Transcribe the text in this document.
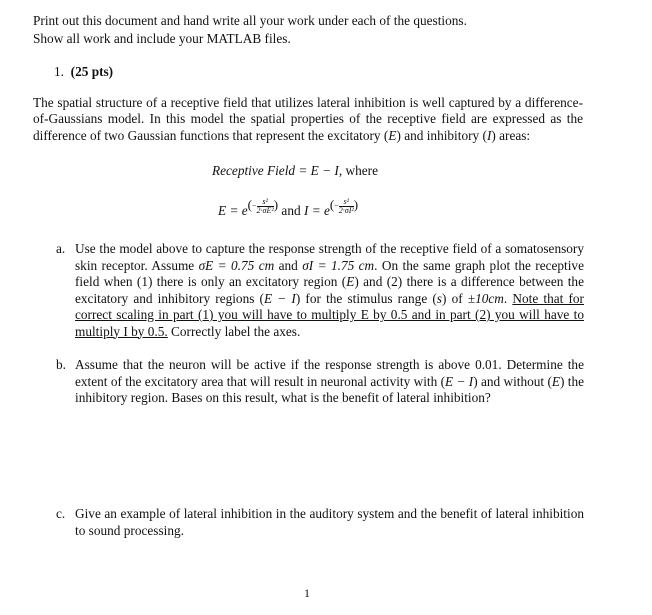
Print out this document and hand write all your work under each of the questions.
Show all work and include your MATLAB files.
1. (25 pts)
The spatial structure of a receptive field that utilizes lateral inhibition is well captured by a difference-of-Gaussians model. In this model the spatial properties of the receptive field are expressed as the difference of two Gaussian functions that represent the excitatory (E) and inhibitory (I) areas:
Receptive Field = E − I, where
$E = e(- \frac{\text{s²}}{\text{2·σE²}}$ ) and $I = e(- \frac{\text{s²}}{\text{2·σI²}}$ )
a. Use the model above to capture the response strength of the receptive field of a somatosensory skin receptor. Assume σE = 0.75 cm and σI = 1.75 cm. On the same graph plot the receptive field when (1) there is only an excitatory region (E) and (2) there is a difference between the excitatory and inhibitory regions (E − I) for the stimulus range (s) of ±10cm. Note that for correct scaling in part (1) you will have to multiply E by 0.5 and in part (2) you will have to multiply I by 0.5. Correctly label the axes.
b. Assume that the neuron will be active if the response strength is above 0.01. Determine the extent of the excitatory area that will result in neuronal activity with (E − I) and without (E) the inhibitory region. Bases on this result, what is the benefit of lateral inhibition?
c. Give an example of lateral inhibition in the auditory system and the benefit of lateral inhibition to sound processing.
1
